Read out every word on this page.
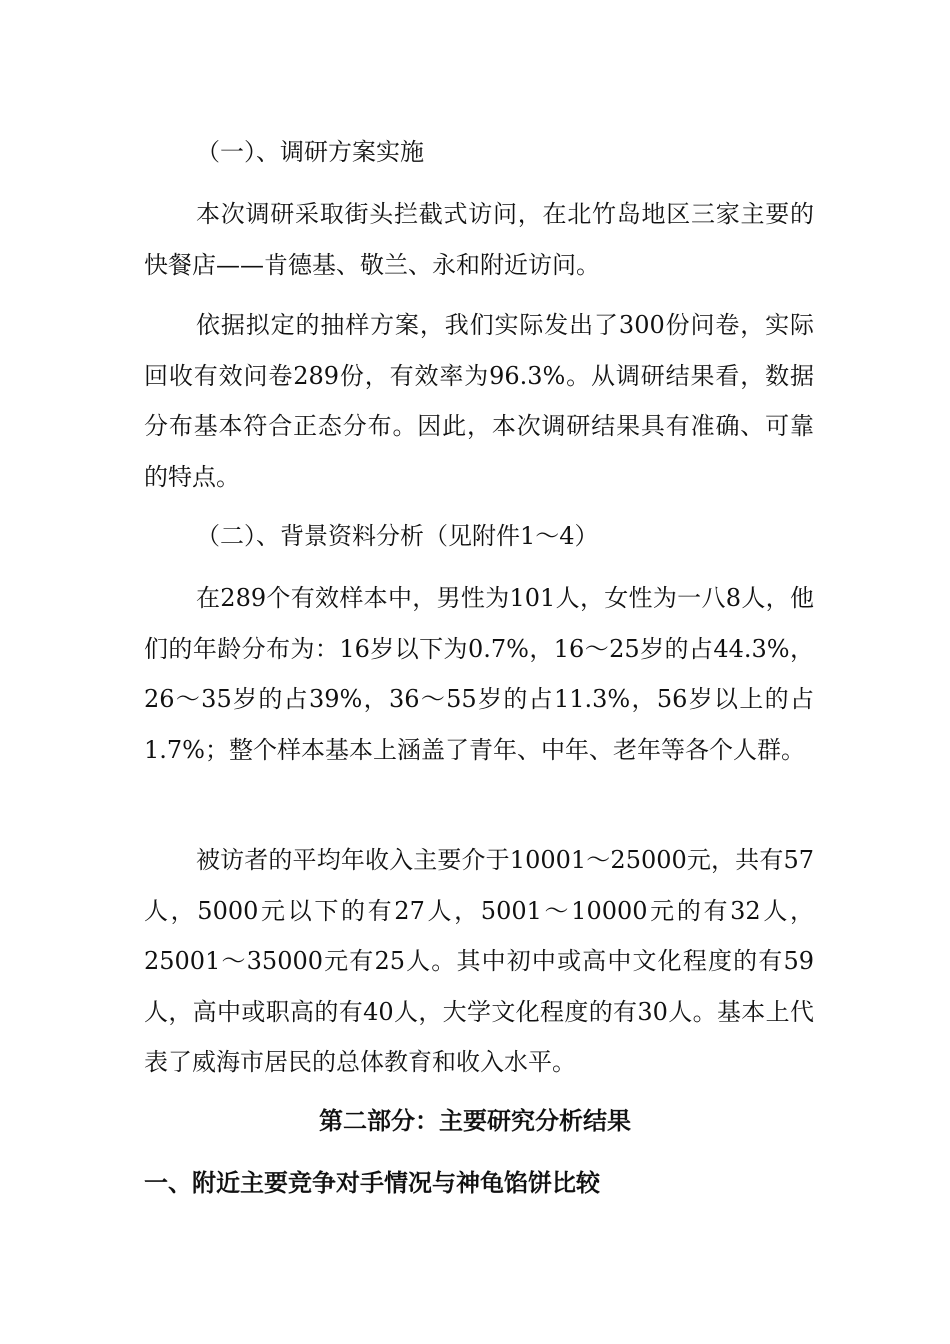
（一）、调研方案实施

本次调研采取街头拦截式访问，在北竹岛地区三家主要的快餐店——肯德基、敬兰、永和附近访问。

依据拟定的抽样方案，我们实际发出了300份问卷，实际回收有效问卷289份，有效率为96.3%。从调研结果看，数据分布基本符合正态分布。因此，本次调研结果具有准确、可靠的特点。

（二）、背景资料分析（见附件1～4）

在289个有效样本中，男性为101人，女性为一八8人，他们的年龄分布为：16岁以下为0.7%，16～25岁的占44.3%，26～35岁的占39%，36～55岁的占11.3%，56岁以上的占1.7%；整个样本基本上涵盖了青年、中年、老年等各个人群。

被访者的平均年收入主要介于10001～25000元，共有57人，5000元以下的有27人，5001～10000元的有32人，25001～35000元有25人。其中初中或高中文化程度的有59人，高中或职高的有40人，大学文化程度的有30人。基本上代表了威海市居民的总体教育和收入水平。

第二部分：主要研究分析结果
一、附近主要竞争对手情况与神龟馅饼比较
